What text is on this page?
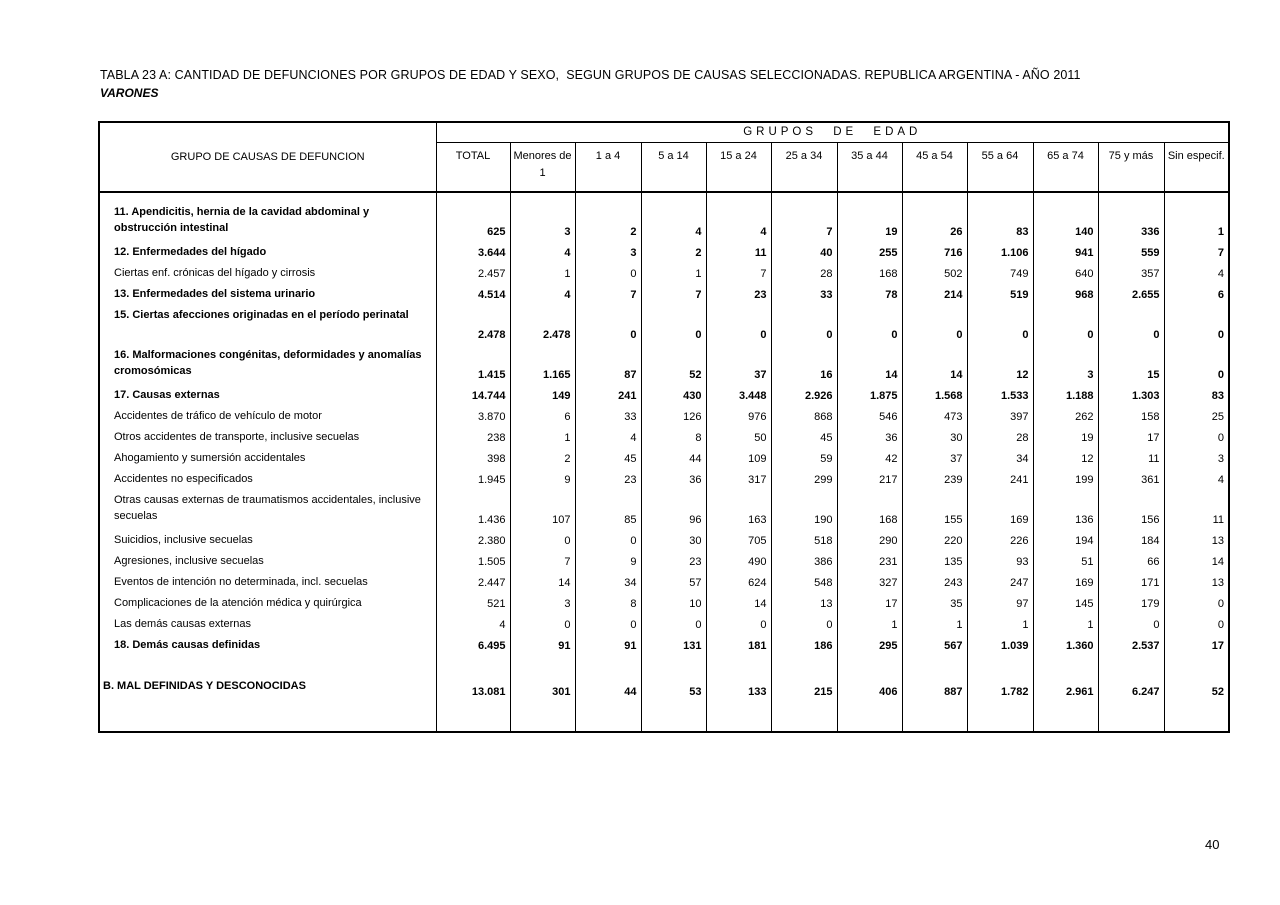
TABLA 23 A: CANTIDAD DE DEFUNCIONES POR GRUPOS DE EDAD Y SEXO,  SEGUN GRUPOS DE CAUSAS SELECCIONADAS. REPUBLICA ARGENTINA - AÑO 2011
VARONES
GRUPO DE CAUSAS DE DEFUNCION	GRUPOS DE EDAD											
	TOTAL	Menores de 1	1 a 4	5 a 14	15 a 24	25 a 34	35 a 44	45 a 54	55 a 64	65 a 74	75 y más	Sin especif.

11. Apendicitis, hernia de la cavidad abdominal y obstrucción intestinal	625	3	2	4	4	7	19	26	83	140	336	1
12. Enfermedades del hígado	3.644	4	3	2	11	40	255	716	1.106	941	559	7
Ciertas enf. crónicas del hígado y cirrosis	2.457	1	0	1	7	28	168	502	749	640	357	4
13. Enfermedades del sistema urinario	4.514	4	7	7	23	33	78	214	519	968	2.655	6
15. Ciertas afecciones originadas en el período perinatal	2.478	2.478	0	0	0	0	0	0	0	0	0	0
16. Malformaciones congénitas, deformidades y anomalías cromosómicas	1.415	1.165	87	52	37	16	14	14	12	3	15	0
17. Causas externas	14.744	149	241	430	3.448	2.926	1.875	1.568	1.533	1.188	1.303	83
Accidentes de tráfico de vehículo de motor	3.870	6	33	126	976	868	546	473	397	262	158	25
Otros accidentes de transporte, inclusive secuelas	238	1	4	8	50	45	36	30	28	19	17	0
Ahogamiento y sumersión accidentales	398	2	45	44	109	59	42	37	34	12	11	3
Accidentes no especificados	1.945	9	23	36	317	299	217	239	241	199	361	4
Otras causas externas de traumatismos accidentales, inclusive secuelas	1.436	107	85	96	163	190	168	155	169	136	156	11
Suicidios, inclusive secuelas	2.380	0	0	30	705	518	290	220	226	194	184	13
Agresiones, inclusive secuelas	1.505	7	9	23	490	386	231	135	93	51	66	14
Eventos de intención no determinada, incl. secuelas	2.447	14	34	57	624	548	327	243	247	169	171	13
Complicaciones de la atención médica y quirúrgica	521	3	8	10	14	13	17	35	97	145	179	0
Las demás causas externas	4	0	0	0	0	0	1	1	1	1	0	0
18. Demás causas definidas	6.495	91	91	131	181	186	295	567	1.039	1.360	2.537	17

B. MAL DEFINIDAS Y DESCONOCIDAS	13.081	301	44	53	133	215	406	887	1.782	2.961	6.247	52

40
